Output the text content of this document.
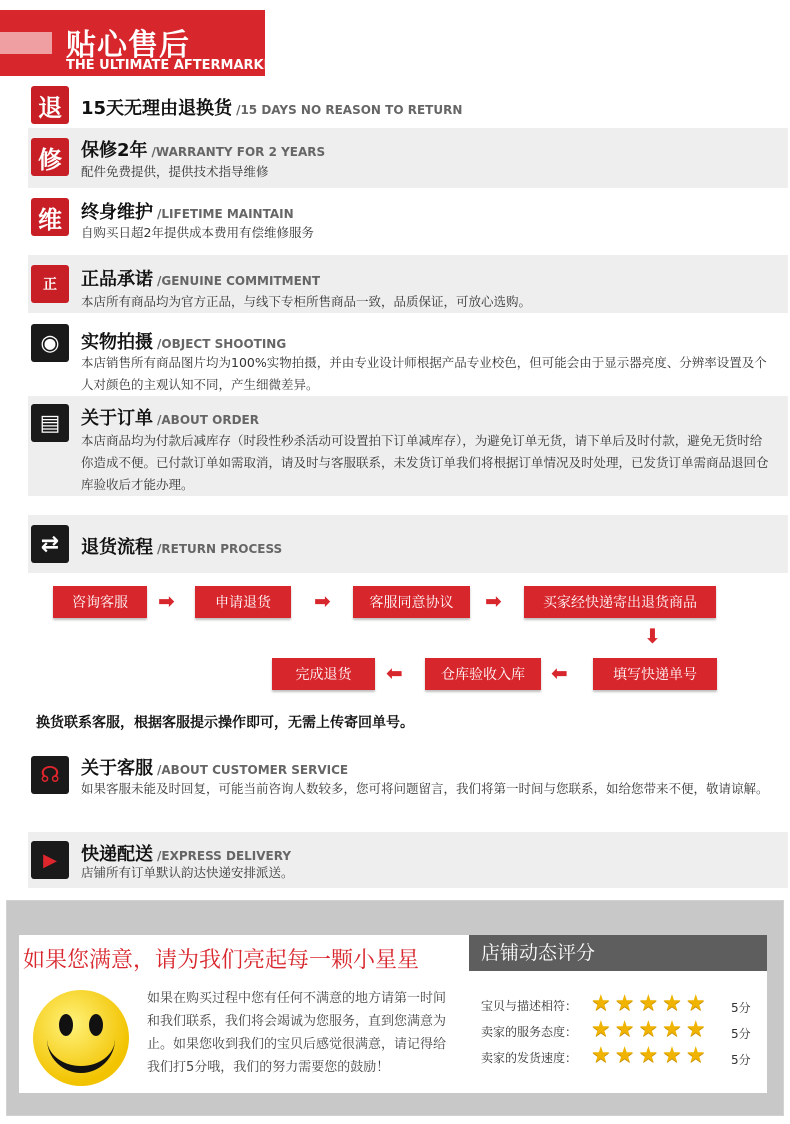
贴心售后
THE ULTIMATE AFTERMARKET
退	15天无理由退换货 /15 DAYS NO REASON TO RETURN
修	保修2年 /WARRANTY FOR 2 YEARS
配件免费提供，提供技术指导维修
维	终身维护 /LIFETIME MAINTAIN
自购买日超2年提供成本费用有偿维修服务
正	正品承诺 /GENUINE COMMITMENT
本店所有商品均为官方正品，与线下专柜所售商品一致，品质保证，可放心选购。
◉	实物拍摄 /OBJECT SHOOTING
本店销售所有商品图片均为100%实物拍摄，并由专业设计师根据产品专业校色，但可能会由于显示器亮度、分辨率设置及个人对颜色的主观认知不同，产生细微差异。
▤	关于订单 /ABOUT ORDER
本店商品均为付款后减库存（时段性秒杀活动可设置拍下订单减库存），为避免订单无货，请下单后及时付款，避免无货时给你造成不便。已付款订单如需取消，请及时与客服联系，未发货订单我们将根据订单情况及时处理，已发货订单需商品退回仓库验收后才能办理。
⇄	退货流程 /RETURN PROCESS
咨询客服	➡	申请退货	➡	客服同意协议	➡	买家经快递寄出退货商品
⬇
填写快递单号
⬅
仓库验收入库
⬅
完成退货
换货联系客服，根据客服提示操作即可，无需上传寄回单号。
☊	关于客服 /ABOUT CUSTOMER SERVICE
如果客服未能及时回复，可能当前咨询人数较多，您可将问题留言，我们将第一时间与您联系，如给您带来不便，敬请谅解。
▶	快递配送 /EXPRESS DELIVERY
店铺所有订单默认韵达快递安排派送。
如果您满意，请为我们亮起每一颗小星星
如果在购买过程中您有任何不满意的地方请第一时间和我们联系，我们将会竭诚为您服务，直到您满意为止。如果您收到我们的宝贝后感觉很满意，请记得给我们打5分哦，我们的努力需要您的鼓励！
店铺动态评分
宝贝与描述相符： ★★★★★ 5分
卖家的服务态度： ★★★★★ 5分
卖家的发货速度： ★★★★★ 5分
